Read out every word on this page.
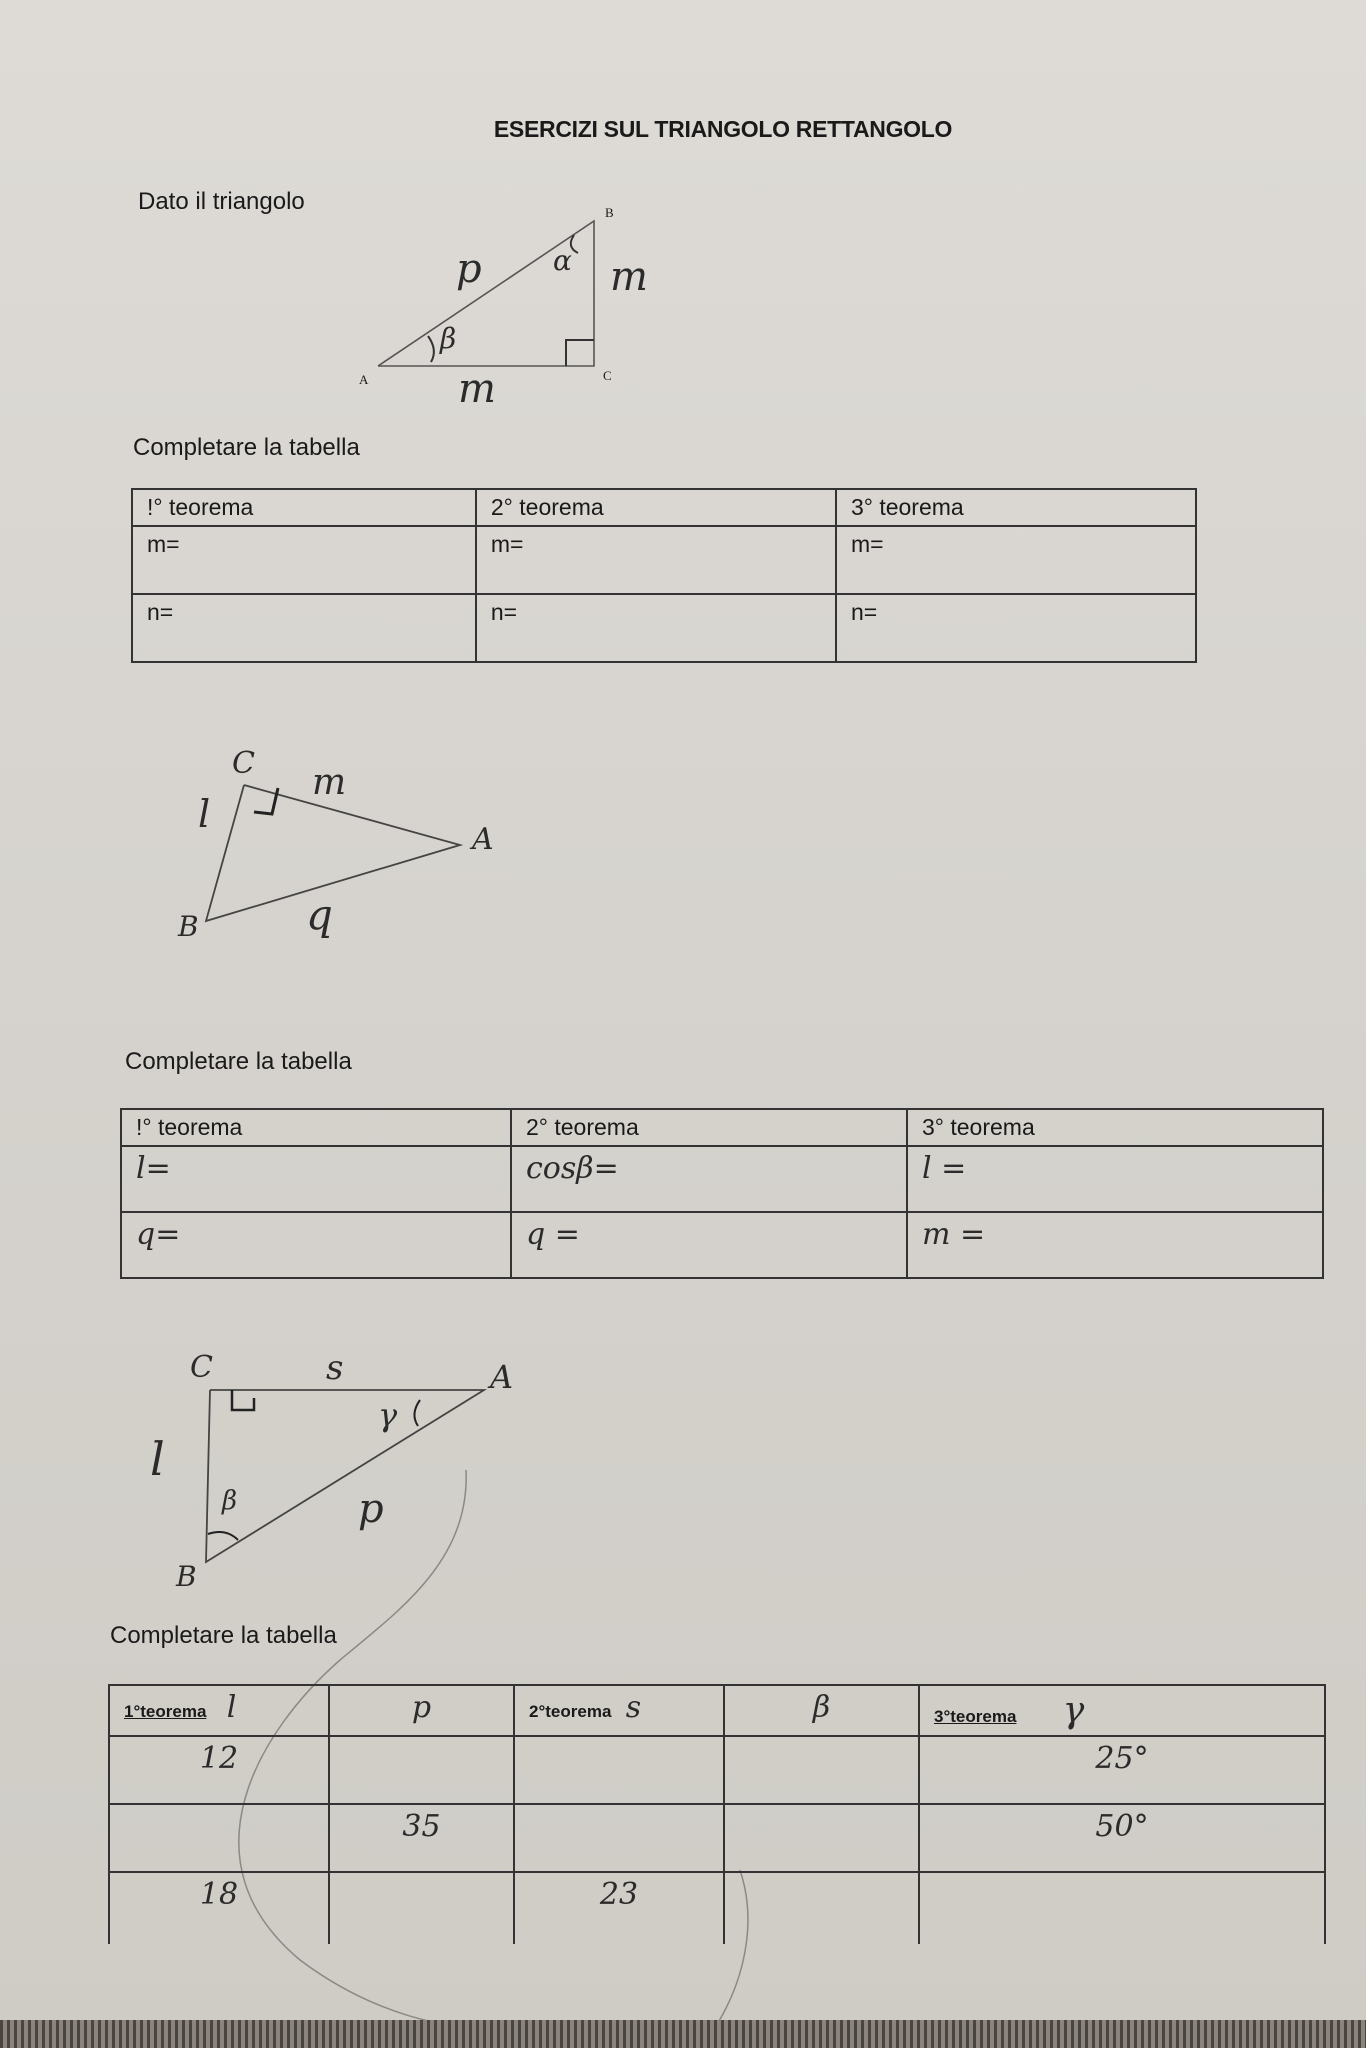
ESERCIZI SUL TRIANGOLO RETTANGOLO
Dato il triangolo	B
A	C
p	m
m
β
α
Completare la tabella
!° teorema	2° teorema	3° teorema
m=	m=	m=
n=	n=	n=
C m
l
A
B	q
Completare la tabella
!° teorema	2° teorema	3° teorema
l=	cosβ=	l =
q=	q =	m =
C	s	A
γ
l
β	p
B
Completare la tabella
1°teorema l	p	2°teorema s	β	3°teorema γ
12				25°
	35			50°
18		23		
